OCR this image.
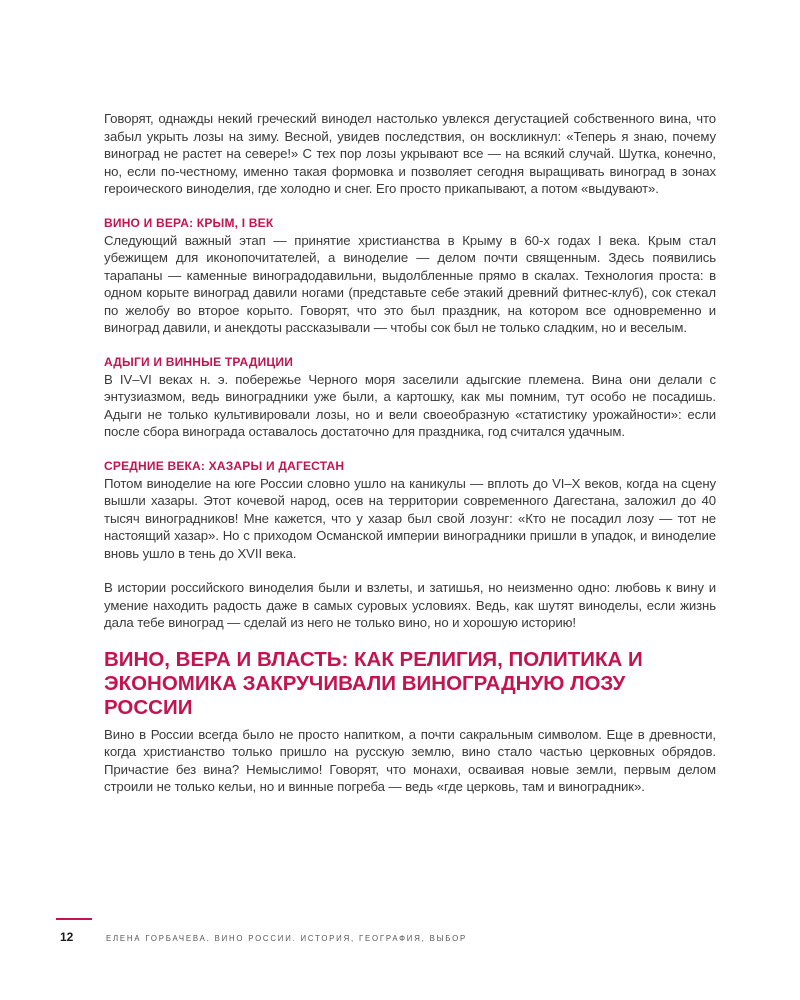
Говорят, однажды некий греческий винодел настолько увлекся дегустацией собственного вина, что забыл укрыть лозы на зиму. Весной, увидев последствия, он воскликнул: «Теперь я знаю, почему виноград не растет на севере!» С тех пор лозы укрывают все — на всякий случай. Шутка, конечно, но, если по-честному, именно такая формовка и позволяет сегодня выращивать виноград в зонах героического виноделия, где холодно и снег. Его просто прикапывают, а потом «выдувают».

ВИНО И ВЕРА: КРЫМ, I ВЕК

Следующий важный этап — принятие христианства в Крыму в 60-х годах I века. Крым стал убежищем для иконопочитателей, а виноделие — делом почти священным. Здесь появились тарапаны — каменные виноградодавильни, выдолбленные прямо в скалах. Технология проста: в одном корыте виноград давили ногами (представьте себе этакий древний фитнес-клуб), сок стекал по желобу во второе корыто. Говорят, что это был праздник, на котором все одновременно и виноград давили, и анекдоты рассказывали — чтобы сок был не только сладким, но и веселым.

АДЫГИ И ВИННЫЕ ТРАДИЦИИ

В IV–VI веках н. э. побережье Черного моря заселили адыгские племена. Вина они делали с энтузиазмом, ведь виноградники уже были, а картошку, как мы помним, тут особо не посадишь. Адыги не только культивировали лозы, но и вели своеобразную «статистику урожайности»: если после сбора винограда оставалось достаточно для праздника, год считался удачным.

СРЕДНИЕ ВЕКА: ХАЗАРЫ И ДАГЕСТАН

Потом виноделие на юге России словно ушло на каникулы — вплоть до VI–X веков, когда на сцену вышли хазары. Этот кочевой народ, осев на территории современного Дагестана, заложил до 40 тысяч виноградников! Мне кажется, что у хазар был свой лозунг: «Кто не посадил лозу — тот не настоящий хазар». Но с приходом Османской империи виноградники пришли в упадок, и виноделие вновь ушло в тень до XVII века.

В истории российского виноделия были и взлеты, и затишья, но неизменно одно: любовь к вину и умение находить радость даже в самых суровых условиях. Ведь, как шутят виноделы, если жизнь дала тебе виноград — сделай из него не только вино, но и хорошую историю!

ВИНО, ВЕРА И ВЛАСТЬ: КАК РЕЛИГИЯ, ПОЛИТИКА И ЭКОНОМИКА ЗАКРУЧИВАЛИ ВИНОГРАДНУЮ ЛОЗУ РОССИИ

Вино в России всегда было не просто напитком, а почти сакральным символом. Еще в древности, когда христианство только пришло на русскую землю, вино стало частью церковных обрядов. Причастие без вина? Немыслимо! Говорят, что монахи, осваивая новые земли, первым делом строили не только кельи, но и винные погреба — ведь «где церковь, там и виноградник».

12	ЕЛЕНА ГОРБАЧЕВА. ВИНО РОССИИ. ИСТОРИЯ, ГЕОГРАФИЯ, ВЫБОР
